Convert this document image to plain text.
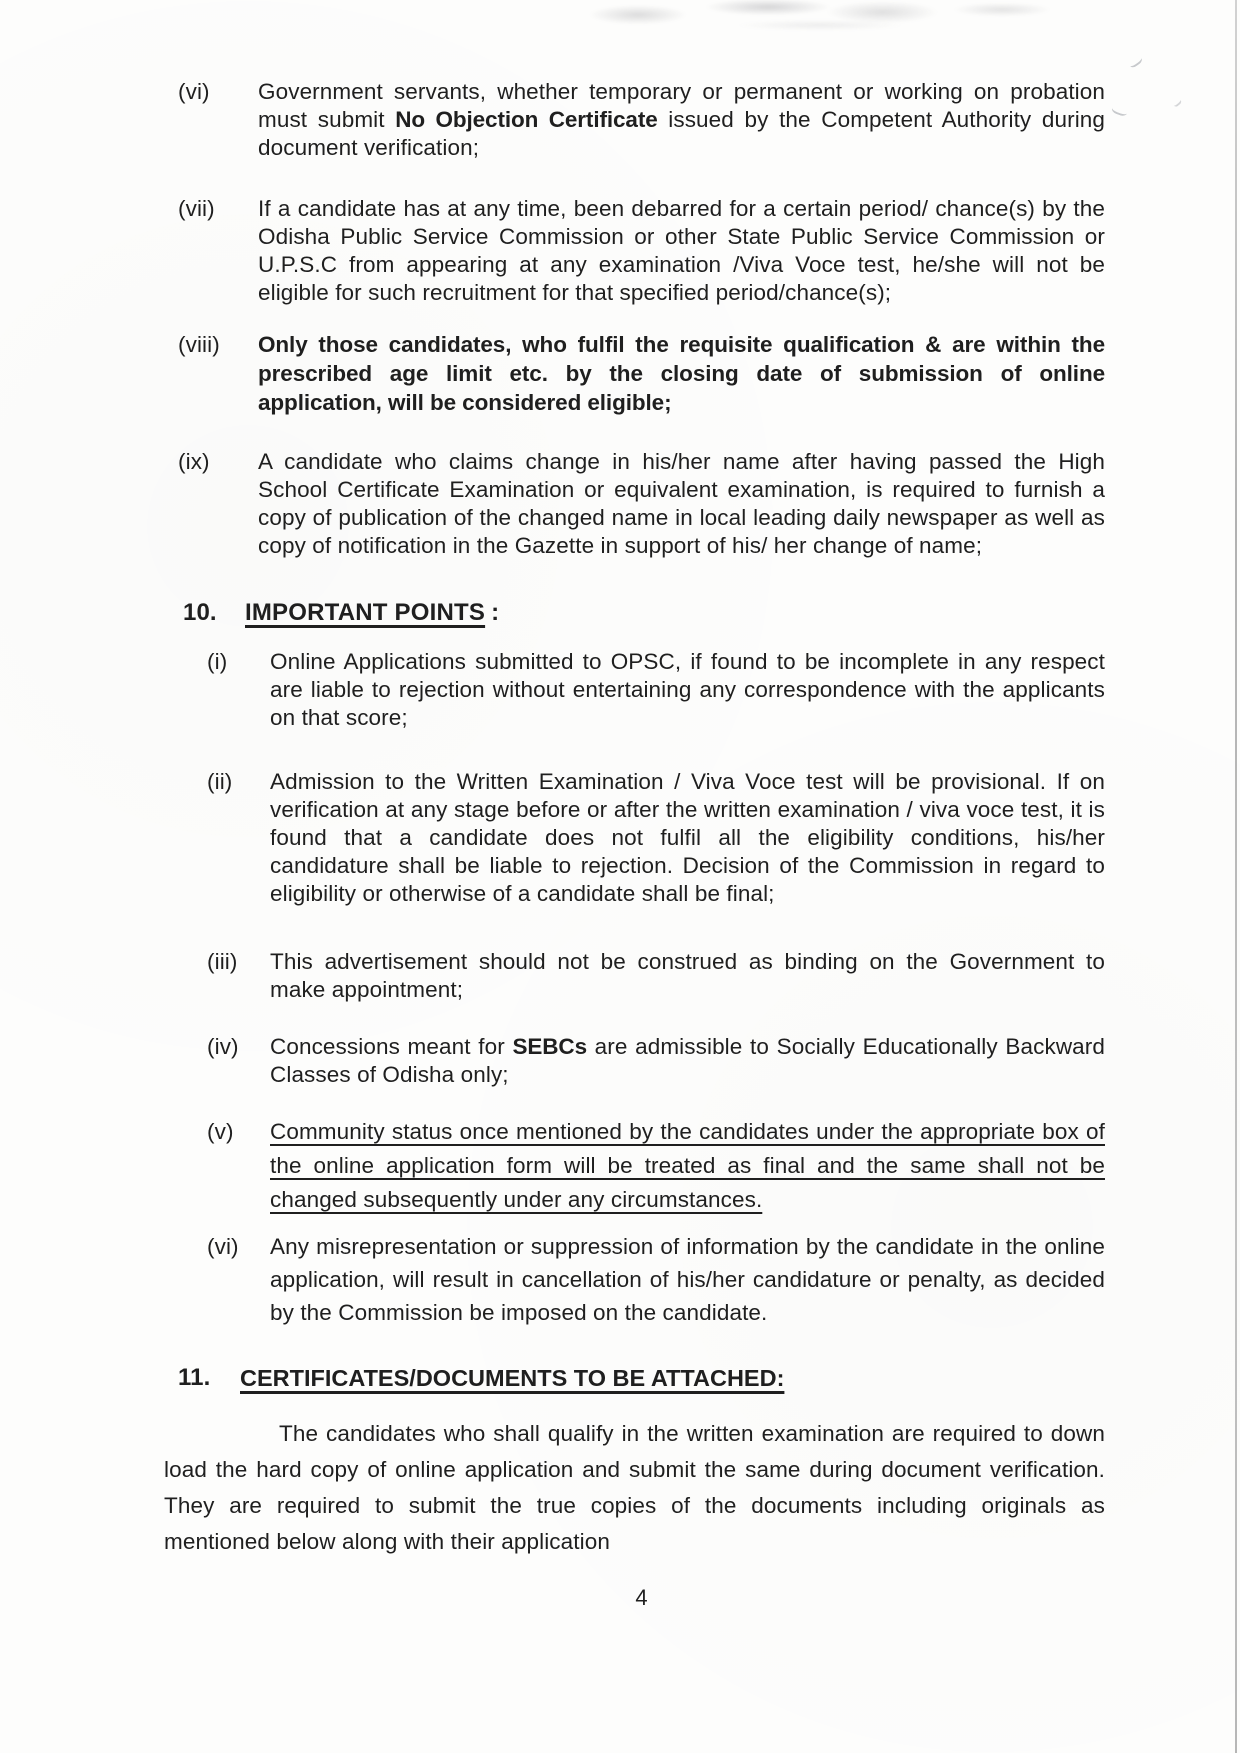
(vi)	Government servants, whether temporary or permanent or working on probation must submit No Objection Certificate issued by the Competent Authority during document verification;

(vii)	If a candidate has at any time, been debarred for a certain period/ chance(s) by the Odisha Public Service Commission or other State Public Service Commission or U.P.S.C from appearing at any examination /Viva Voce test, he/she will not be eligible for such recruitment for that specified period/chance(s);

(viii)	Only those candidates, who fulfil the requisite qualification & are within the prescribed age limit etc. by the closing date of submission of online application, will be considered eligible;

(ix)	A candidate who claims change in his/her name after having passed the High School Certificate Examination or equivalent examination, is required to furnish a copy of publication of the changed name in local leading daily newspaper as well as copy of notification in the Gazette in support of his/ her change of name;

10.	IMPORTANT POINTS :
(i)	Online Applications submitted to OPSC, if found to be incomplete in any respect are liable to rejection without entertaining any correspondence with the applicants on that score;

(ii)	Admission to the Written Examination / Viva Voce test will be provisional. If on verification at any stage before or after the written examination / viva voce test, it is found that a candidate does not fulfil all the eligibility conditions, his/her candidature shall be liable to rejection. Decision of the Commission in regard to eligibility or otherwise of a candidate shall be final;

(iii)	This advertisement should not be construed as binding on the Government to make appointment;

(iv)	Concessions meant for SEBCs are admissible to Socially Educationally Backward Classes of Odisha only;

(v)	Community status once mentioned by the candidates under the appropriate box of the online application form will be treated as final and the same shall not be changed subsequently under any circumstances.

(vi)	Any misrepresentation or suppression of information by the candidate in the online application, will result in cancellation of his/her candidature or penalty, as decided by the Commission be imposed on the candidate.

11.	CERTIFICATES/DOCUMENTS TO BE ATTACHED:

The candidates who shall qualify in the written examination are required to down load the hard copy of online application and submit the same during document verification. They are required to submit the true copies of the documents including originals as mentioned below along with their application

4
